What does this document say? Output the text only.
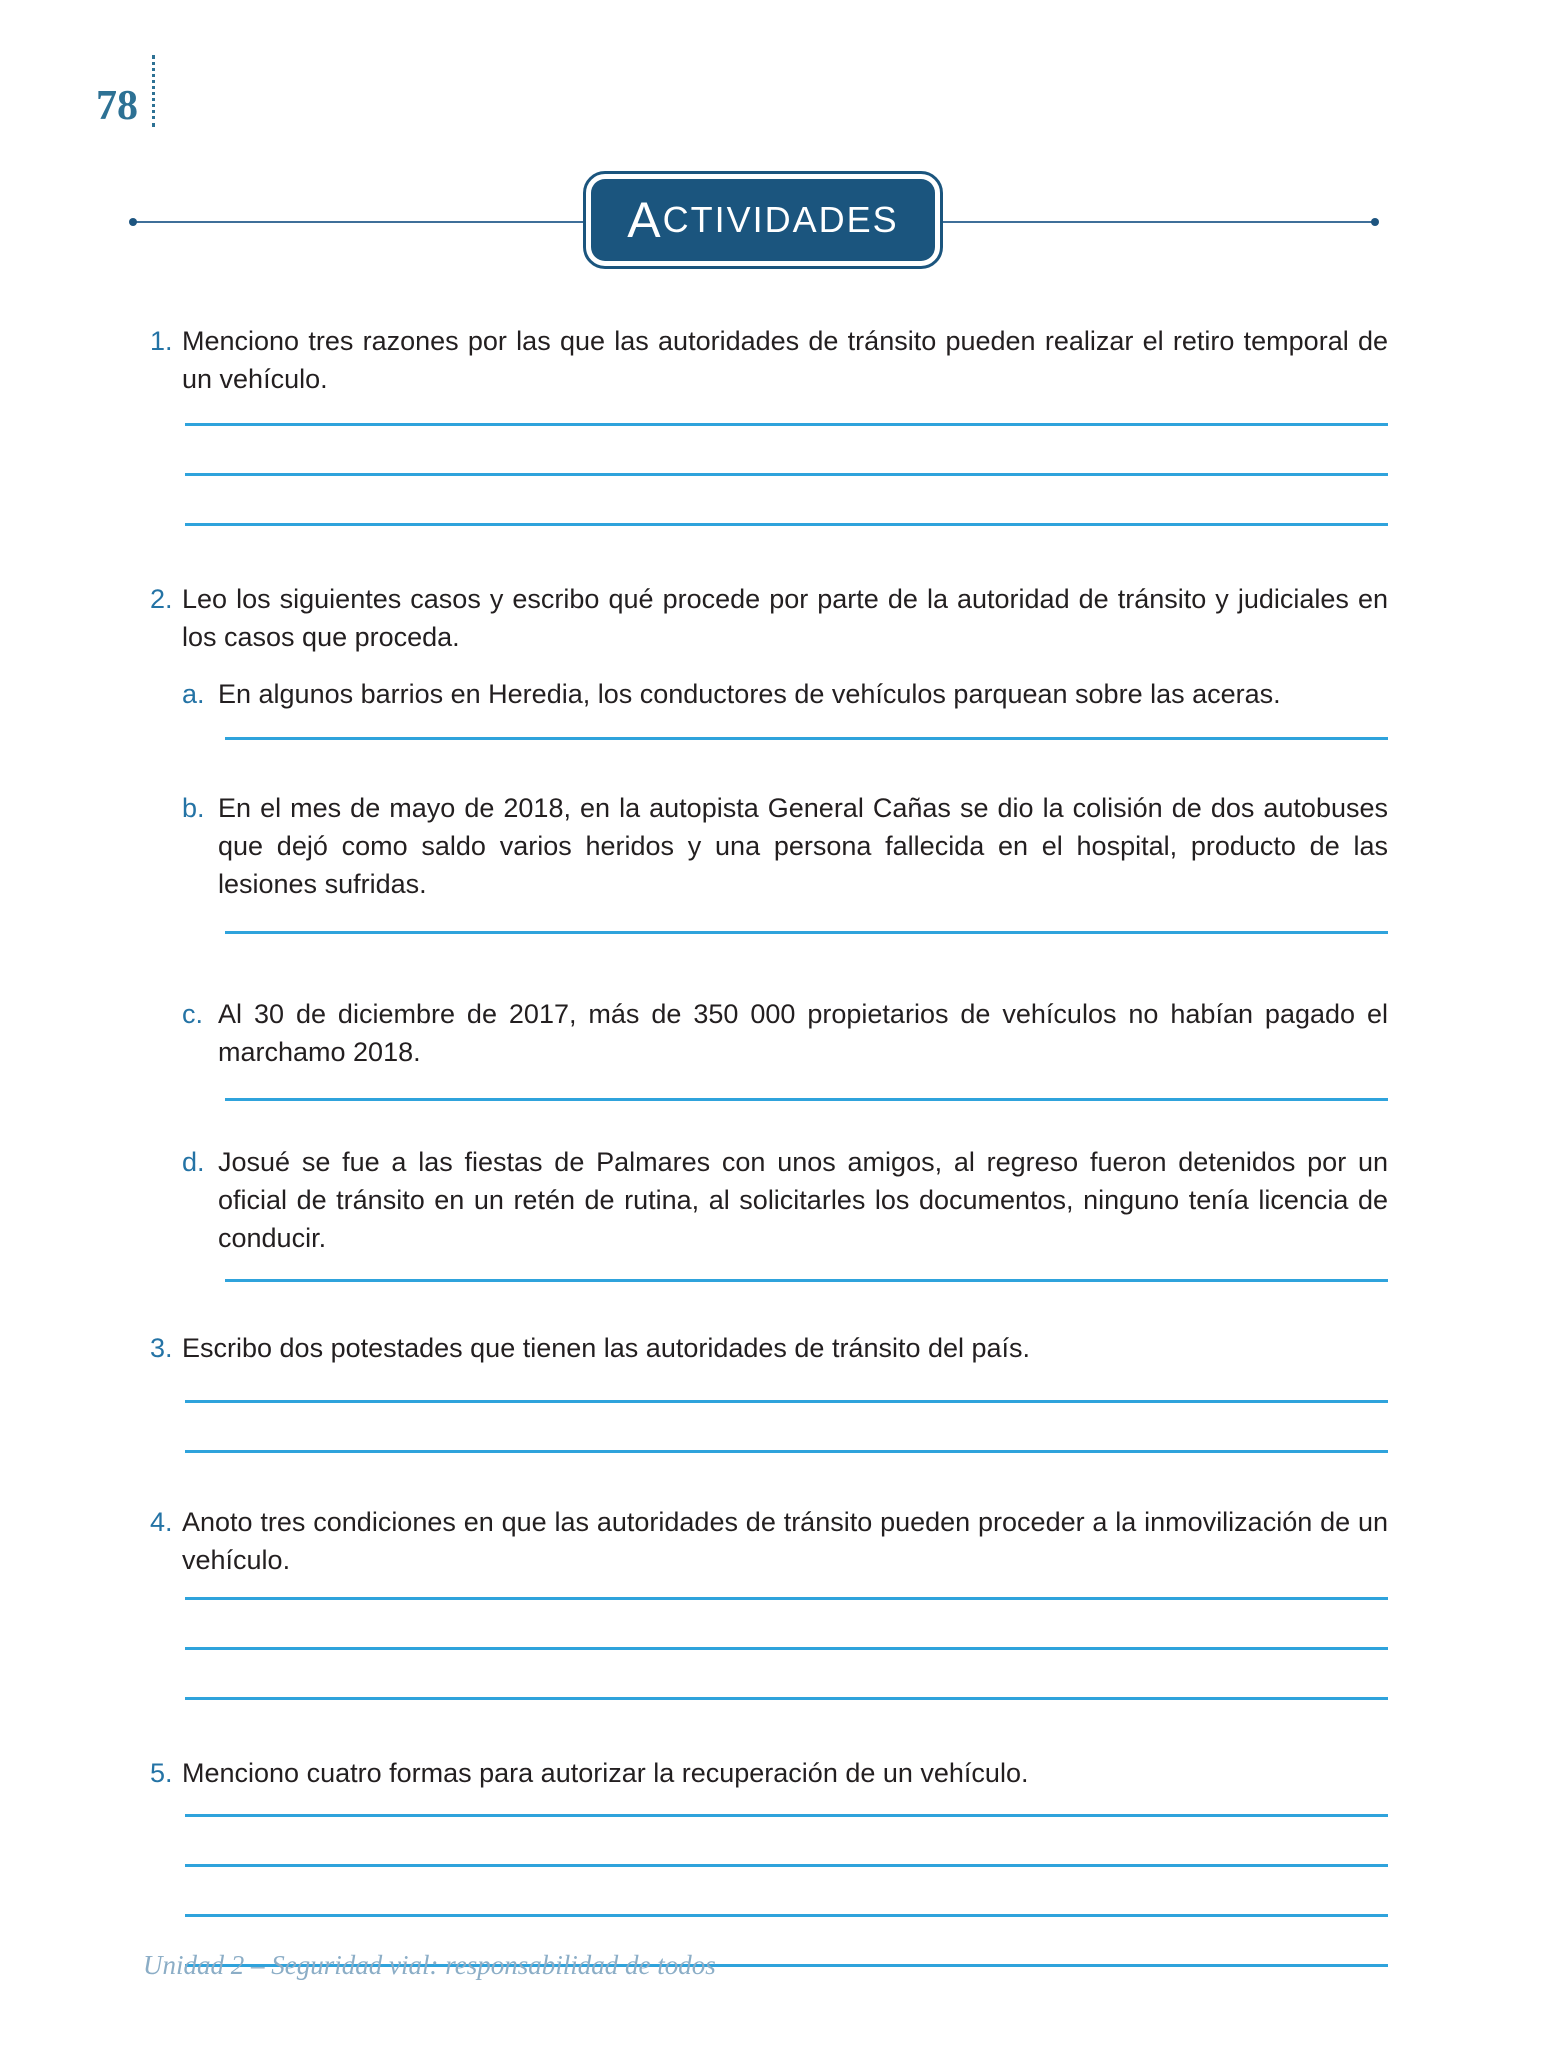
78
A CTIVIDADES
1. Menciono tres razones por las que las autoridades de tránsito pueden realizar el retiro temporal de un vehículo.

2. Leo los siguientes casos y escribo qué procede por parte de la autoridad de tránsito y judiciales en los casos que proceda.

a. En algunos barrios en Heredia, los conductores de vehículos parquean sobre las aceras.

b. En el mes de mayo de 2018, en la autopista General Cañas se dio la colisión de dos autobuses que dejó como saldo varios heridos y una persona fallecida en el hospital, producto de las lesiones sufridas.

c. Al 30 de diciembre de 2017, más de 350 000 propietarios de vehículos no habían pagado el marchamo 2018.

d. Josué se fue a las fiestas de Palmares con unos amigos, al regreso fueron detenidos por un oficial de tránsito en un retén de rutina, al solicitarles los documentos, ninguno tenía licencia de conducir.

3. Escribo dos potestades que tienen las autoridades de tránsito del país.

4. Anoto tres condiciones en que las autoridades de tránsito pueden proceder a la inmovilización de un vehículo.

5. Menciono cuatro formas para autorizar la recuperación de un vehículo.

Unidad 2 – Seguridad vial: responsabilidad de todos
